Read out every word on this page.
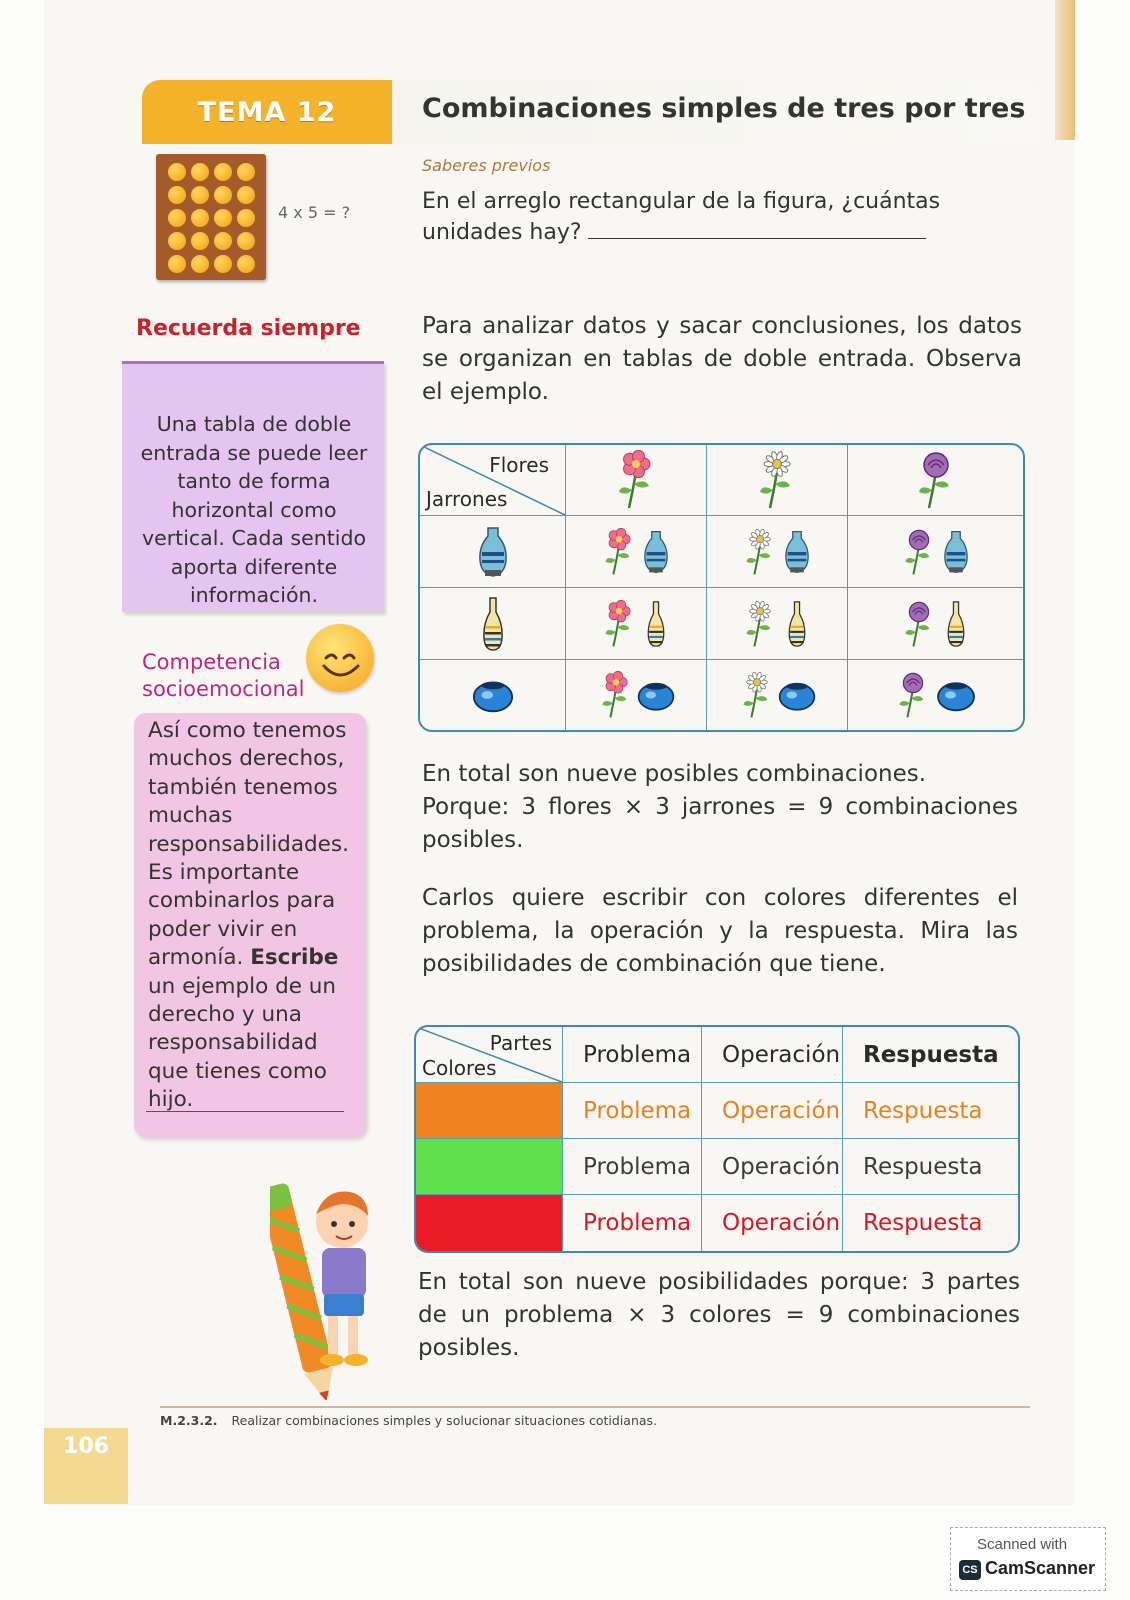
TEMA 12	Combinaciones simples de tres por tres
4 x 5 = ?
Saberes previos
En el arreglo rectangular de la figura, ¿cuántas unidades hay?
Recuerda siempre
Una tabla de doble entrada se puede leer tanto de forma horizontal como vertical. Cada sentido aporta diferente información.
Competencia
socioemocional
Así como tenemos muchos derechos, también tenemos muchas responsabilidades. Es importante combinarlos para poder vivir en armonía. Escribe un ejemplo de un derecho y una responsabilidad que tienes como hijo.
Para analizar datos y sacar conclusiones, los datos se organizan en tablas de doble entrada. Observa el ejemplo.
Flores
Jarrones

En total son nueve posibles combinaciones.
Porque: 3 flores × 3 jarrones = 9 combinaciones posibles.
Carlos quiere escribir con colores diferentes el problema, la operación y la respuesta. Mira las posibilidades de combinación que tiene.
Partes
Colores	Problema	Operación	Respuesta
	Problema	Operación	Respuesta
	Problema	Operación	Respuesta
	Problema	Operación	Respuesta
En total son nueve posibilidades porque: 3 partes de un problema × 3 colores = 9 combinaciones posibles.
M.2.3.2. Realizar combinaciones simples y solucionar situaciones cotidianas.
106
Scanned with
CS CamScanner
